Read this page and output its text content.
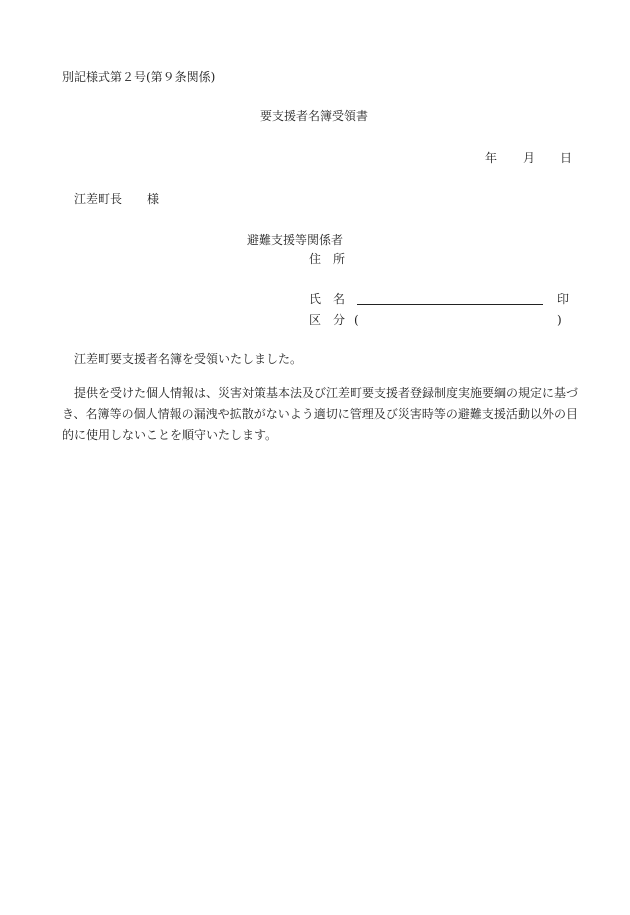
別記様式第２号(第９条関係)
要支援者名簿受領書
年 月 日
江差町長 様
避難支援等関係者
住　所
氏　名	印
区　分 (	)
江差町要支援者名簿を受領いたしました。
提供を受けた個人情報は、災害対策基本法及び江差町要支援者登録制度実施要綱の規定に基づき、名簿等の個人情報の漏洩や拡散がないよう適切に管理及び災害時等の避難支援活動以外の目的に使用しないことを順守いたします。
